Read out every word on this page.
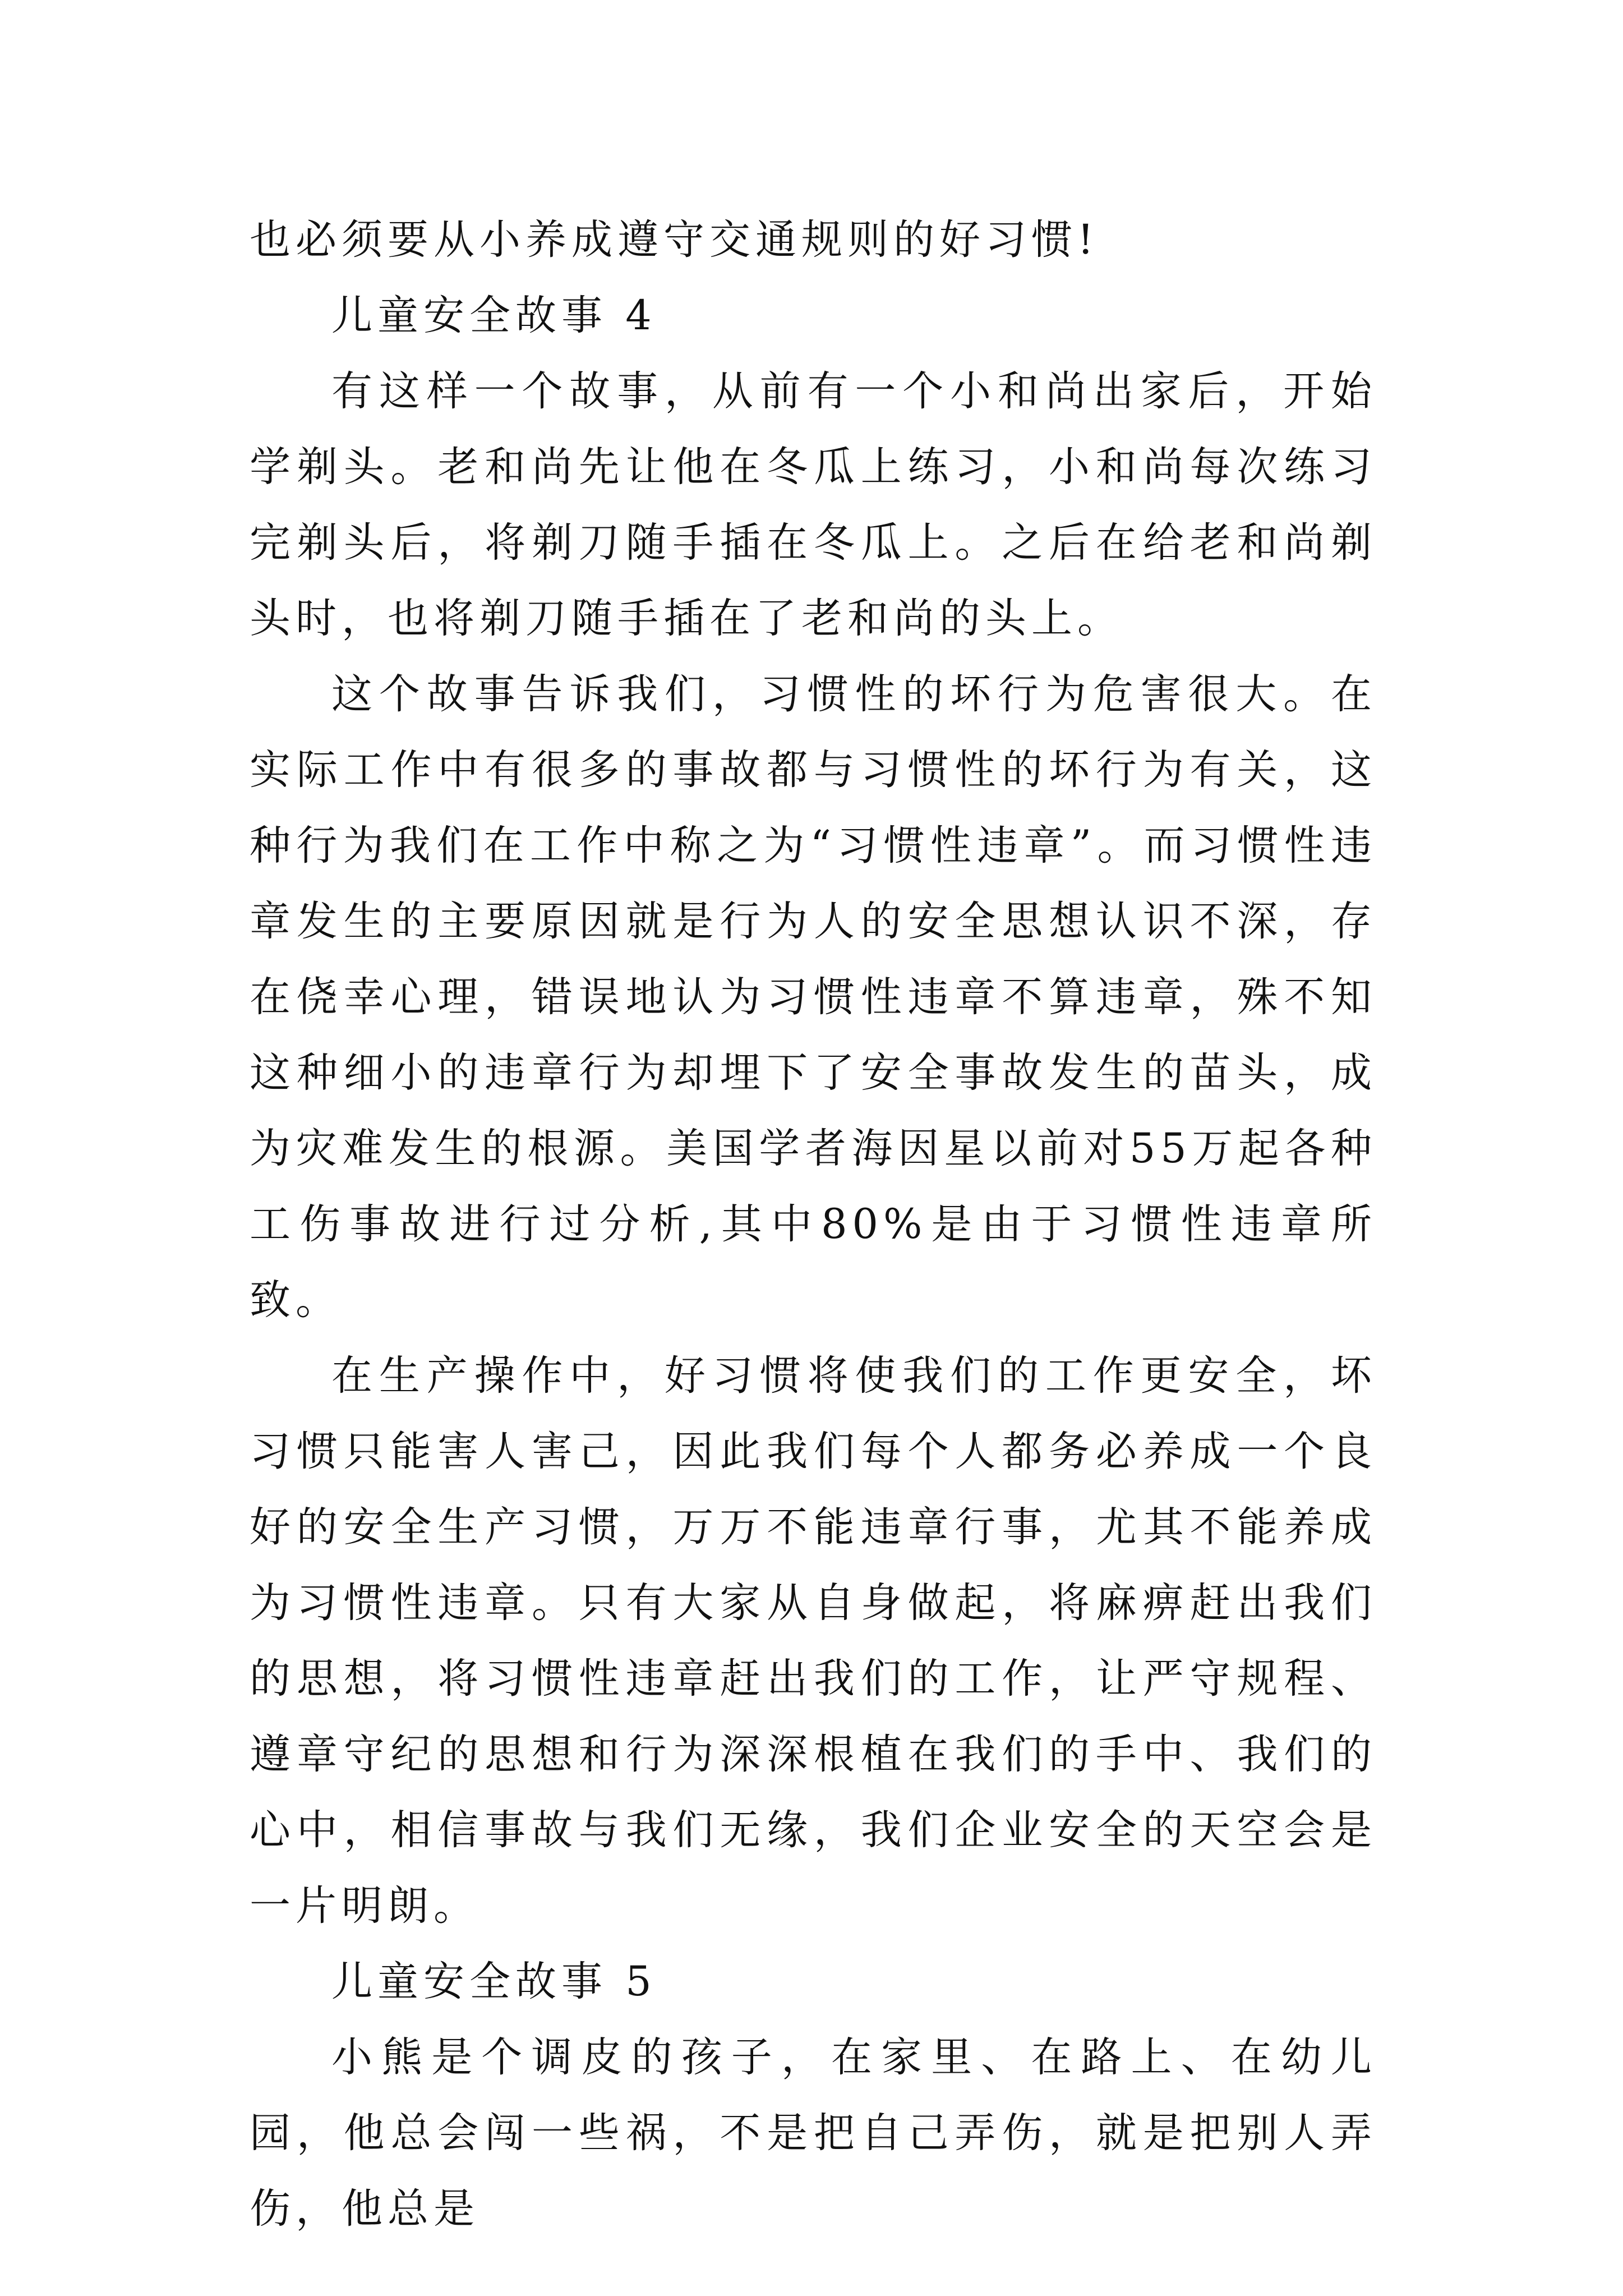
也必须要从小养成遵守交通规则的好习惯!

儿童安全故事 4

有这样一个故事，从前有一个小和尚出家后，开始学剃头。老和尚先让他在冬瓜上练习，小和尚每次练习完剃头后，将剃刀随手插在冬瓜上。之后在给老和尚剃头时，也将剃刀随手插在了老和尚的头上。

这个故事告诉我们，习惯性的坏行为危害很大。在实际工作中有很多的事故都与习惯性的坏行为有关，这种行为我们在工作中称之为“习惯性违章”。而习惯性违章发生的主要原因就是行为人的安全思想认识不深，存在侥幸心理，错误地认为习惯性违章不算违章，殊不知这种细小的违章行为却埋下了安全事故发生的苗头，成为灾难发生的根源。美国学者海因星以前对55万起各种工伤事故进行过分析,其中80%是由于习惯性违章所致。

在生产操作中，好习惯将使我们的工作更安全，坏习惯只能害人害己，因此我们每个人都务必养成一个良好的安全生产习惯，万万不能违章行事，尤其不能养成为习惯性违章。只有大家从自身做起，将麻痹赶出我们的思想，将习惯性违章赶出我们的工作，让严守规程、遵章守纪的思想和行为深深根植在我们的手中、我们的心中，相信事故与我们无缘，我们企业安全的天空会是一片明朗。

儿童安全故事 5

小熊是个调皮的孩子，在家里、在路上、在幼儿园，他总会闯一些祸，不是把自己弄伤，就是把别人弄伤，他总是
